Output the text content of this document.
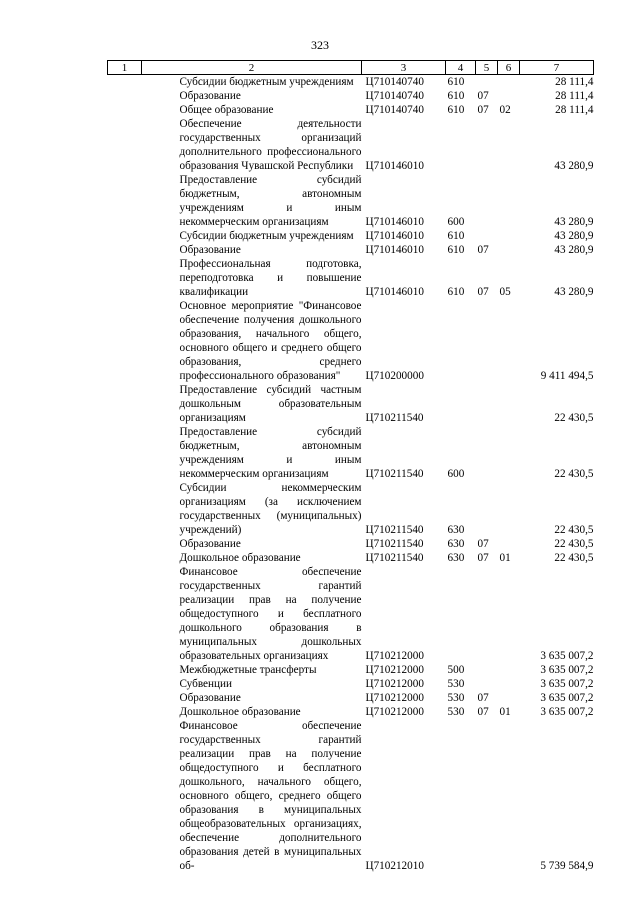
323
1	2	3	4	5	6	7
	Субсидии бюджетным учреждениям	Ц710140740	610			28 111,4
	Образование	Ц710140740	610	07		28 111,4
	Общее образование	Ц710140740	610	07	02	28 111,4
	Обеспечение деятельности государственных организаций дополнительного профессионального образования Чувашской Республики	Ц710146010				43 280,9
	Предоставление субсидий бюджетным, автономным учреждениям и иным некоммерческим организациям	Ц710146010	600			43 280,9
	Субсидии бюджетным учреждениям	Ц710146010	610			43 280,9
	Образование	Ц710146010	610	07		43 280,9
	Профессиональная подготовка, переподготовка и повышение квалификации	Ц710146010	610	07	05	43 280,9
	Основное мероприятие "Финансовое обеспечение получения дошкольного образования, начального общего, основного общего и среднего общего образования, среднего профессионального образования"	Ц710200000				9 411 494,5
	Предоставление субсидий частным дошкольным образовательным организациям	Ц710211540				22 430,5
	Предоставление субсидий бюджетным, автономным учреждениям и иным некоммерческим организациям	Ц710211540	600			22 430,5
	Субсидии некоммерческим организациям (за исключением государственных (муниципальных) учреждений)	Ц710211540	630			22 430,5
	Образование	Ц710211540	630	07		22 430,5
	Дошкольное образование	Ц710211540	630	07	01	22 430,5
	Финансовое обеспечение государственных гарантий реализации прав на получение общедоступного и бесплатного дошкольного образования в муниципальных дошкольных образовательных организациях	Ц710212000				3 635 007,2
	Межбюджетные трансферты	Ц710212000	500			3 635 007,2
	Субвенции	Ц710212000	530			3 635 007,2
	Образование	Ц710212000	530	07		3 635 007,2
	Дошкольное образование	Ц710212000	530	07	01	3 635 007,2
	Финансовое обеспечение государственных гарантий реализации прав на получение общедоступного и бесплатного дошкольного, начального общего, основного общего, среднего общего образования в муниципальных общеобразовательных организациях, обеспечение дополнительного образования детей в муниципальных об-	Ц710212010				5 739 584,9
